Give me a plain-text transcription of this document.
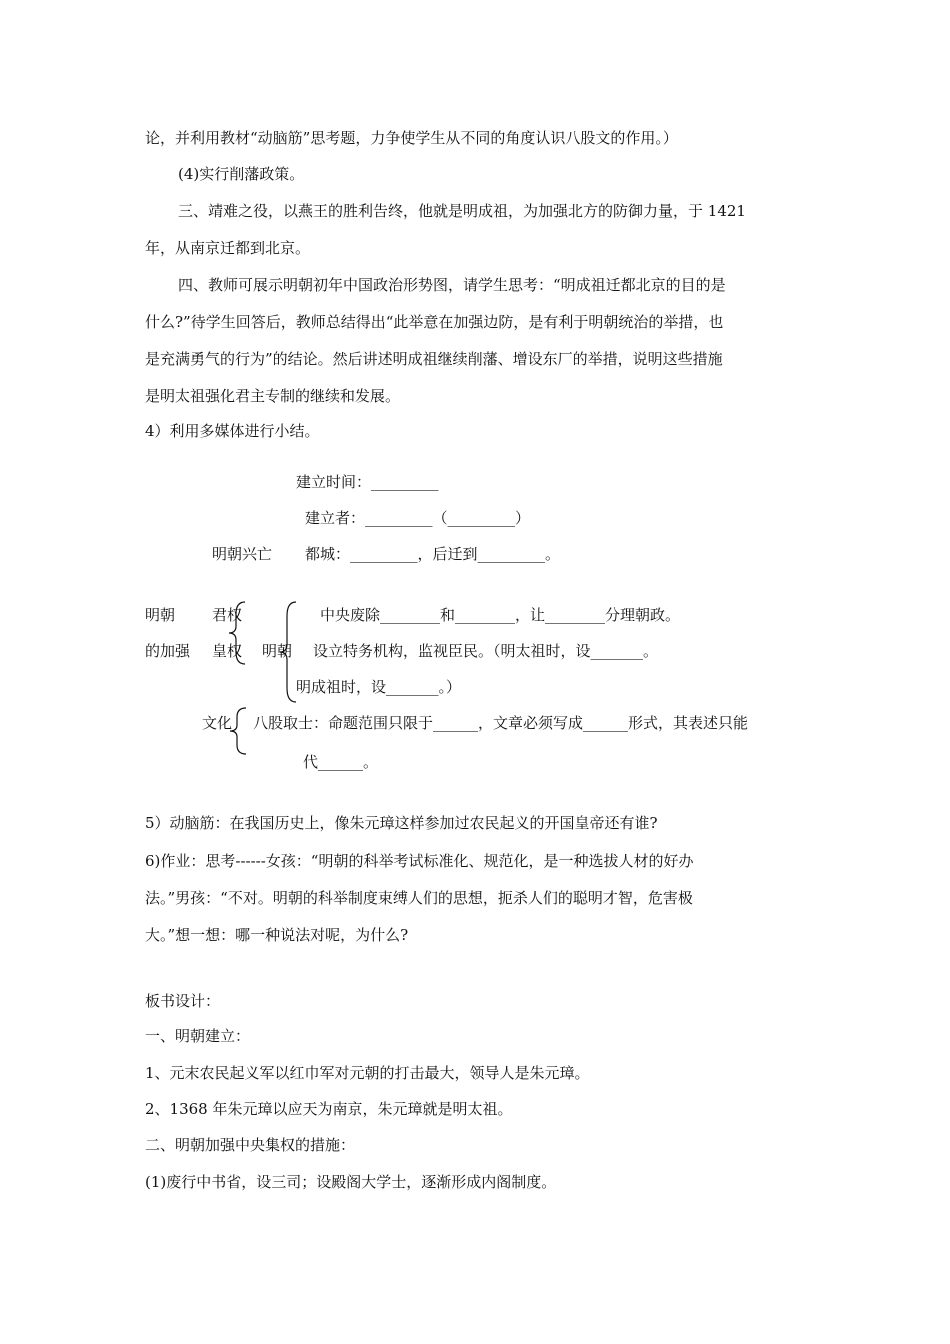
论，并利用教材“动脑筋”思考题，力争使学生从不同的角度认识八股文的作用。）
(4)实行削藩政策。
三、靖难之役，以燕王的胜利告终，他就是明成祖，为加强北方的防御力量，于 1421
年，从南京迁都到北京。
四、教师可展示明朝初年中国政治形势图，请学生思考：“明成祖迁都北京的目的是
什么?”待学生回答后，教师总结得出“此举意在加强边防，是有利于明朝统治的举措，也
是充满勇气的行为”的结论。然后讲述明成祖继续削藩、增设东厂的举措，说明这些措施
是明太祖强化君主专制的继续和发展。
4）利用多媒体进行小结。
建立时间：_________
建立者：_________（_________）
明朝兴亡 都城：_________，后迁到_________。
明朝
的加强
君权
皇权 明朝
中央废除________和________，让________分理朝政。
设立特务机构，监视臣民。（明太祖时，设_______。
明成祖时，设_______。）
文化 八股取士：命题范围只限于______，文章必须写成______形式，其表述只能
代______。
5）动脑筋：在我国历史上，像朱元璋这样参加过农民起义的开国皇帝还有谁?
6)作业：思考------女孩：“明朝的科举考试标准化、规范化，是一种选拔人材的好办
法。”男孩：“不对。明朝的科举制度束缚人们的思想，扼杀人们的聪明才智，危害极
大。”想一想：哪一种说法对呢，为什么?
板书设计：
一、明朝建立：
1、元末农民起义军以红巾军对元朝的打击最大，领导人是朱元璋。
2、1368 年朱元璋以应天为南京，朱元璋就是明太祖。
二、明朝加强中央集权的措施：
(1)废行中书省，设三司；设殿阁大学士，逐渐形成内阁制度。
